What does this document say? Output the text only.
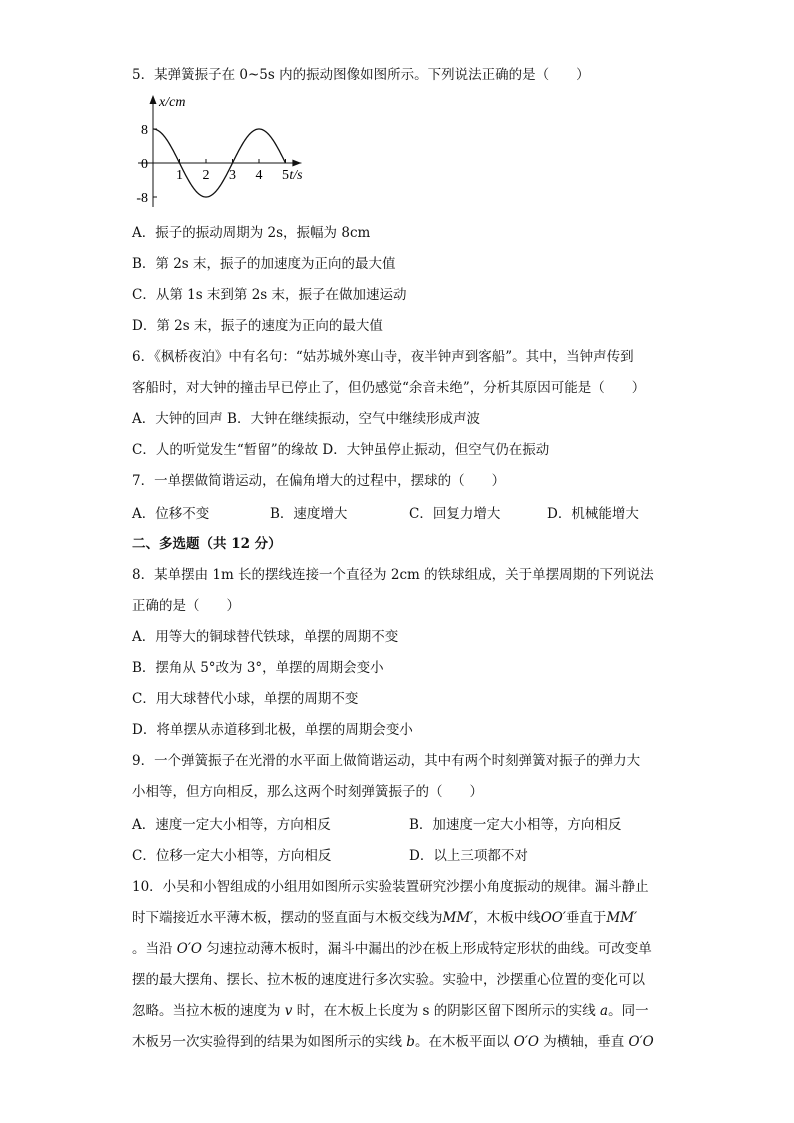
5．某弹簧振子在 0~5s 内的振动图像如图所示。下列说法正确的是（　　）
x/cm
t/s
8
0
-8
1 2 3 4 5
A．振子的振动周期为 2s，振幅为 8cm
B．第 2s 末，振子的加速度为正向的最大值
C．从第 1s 末到第 2s 末，振子在做加速运动
D．第 2s 末，振子的速度为正向的最大值
6．《枫桥夜泊》中有名句：“姑苏城外寒山寺，夜半钟声到客船”。其中，当钟声传到
客船时，对大钟的撞击早已停止了，但仍感觉“余音未绝”，分析其原因可能是（　　）
A．大钟的回声 B．大钟在继续振动，空气中继续形成声波
C．人的听觉发生“暂留”的缘故 D．大钟虽停止振动，但空气仍在振动
7．一单摆做简谐运动，在偏角增大的过程中，摆球的（　　）
A．位移不变	B．速度增大	C．回复力增大	D．机械能增大
二、多选题（共 12 分）
8．某单摆由 1m 长的摆线连接一个直径为 2cm 的铁球组成，关于单摆周期的下列说法
正确的是（　　）
A．用等大的铜球替代铁球，单摆的周期不变
B．摆角从 5°改为 3°，单摆的周期会变小
C．用大球替代小球，单摆的周期不变
D．将单摆从赤道移到北极，单摆的周期会变小
9．一个弹簧振子在光滑的水平面上做简谐运动，其中有两个时刻弹簧对振子的弹力大
小相等，但方向相反，那么这两个时刻弹簧振子的（　　）
A．速度一定大小相等，方向相反	B．加速度一定大小相等，方向相反
C．位移一定大小相等，方向相反	D．以上三项都不对
10．小吴和小智组成的小组用如图所示实验装置研究沙摆小角度振动的规律。漏斗静止
时下端接近水平薄木板，摆动的竖直面与木板交线为MM′，木板中线OO′垂直于MM′
。当沿 O′O 匀速拉动薄木板时，漏斗中漏出的沙在板上形成特定形状的曲线。可改变单
摆的最大摆角、摆长、拉木板的速度进行多次实验。实验中，沙摆重心位置的变化可以
忽略。当拉木板的速度为 v 时，在木板上长度为 s 的阴影区留下图所示的实线 a。同一
木板另一次实验得到的结果为如图所示的实线 b。在木板平面以 O′O 为横轴，垂直 O′O
